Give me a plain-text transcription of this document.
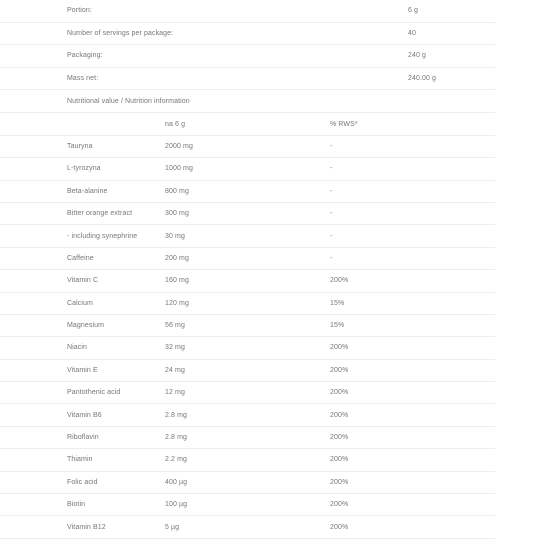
Portion:	6 g
Number of servings per package:	40
Packaging:	240 g
Mass net:	240.00 g
Nutritional value / Nutrition information		
	na 6 g	% RWS*
Tauryna	2000 mg	-
L-tyrozyna	1000 mg	-
Beta-alanine	800 mg	-
Bitter orange extract	300 mg	-
- including synephrine	30 mg	-
Caffeine	200 mg	-
Vitamin C	160 mg	200%
Calcium	120 mg	15%
Magnesium	56 mg	15%
Niacin	32 mg	200%
Vitamin E	24 mg	200%
Pantothenic acid	12 mg	200%
Vitamin B6	2.8 mg	200%
Riboflavin	2.8 mg	200%
Thiamin	2.2 mg	200%
Folic acid	400 µg	200%
Biotin	100 µg	200%
Vitamin B12	5 µg	200%
